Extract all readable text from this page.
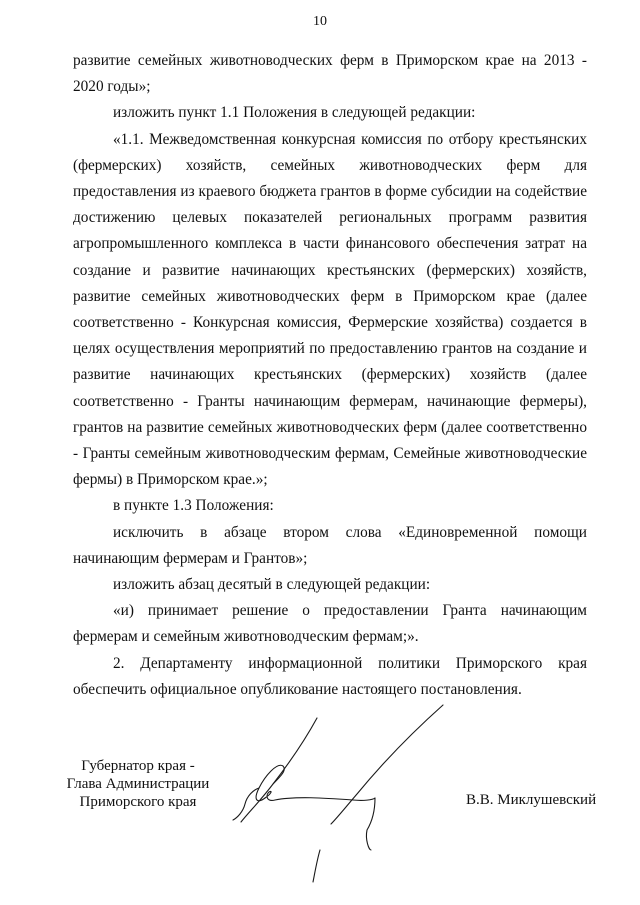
10

развитие семейных животноводческих ферм в Приморском крае на 2013 - 2020 годы»;

изложить пункт 1.1 Положения в следующей редакции:

«1.1. Межведомственная конкурсная комиссия по отбору крестьянских (фермерских) хозяйств, семейных животноводческих ферм для предоставления из краевого бюджета грантов в форме субсидии на содействие достижению целевых показателей региональных программ развития агропромышленного комплекса в части финансового обеспечения затрат на создание и развитие начинающих крестьянских (фермерских) хозяйств, развитие семейных животноводческих ферм в Приморском крае (далее соответственно - Конкурсная комиссия, Фермерские хозяйства) создается в целях осуществления мероприятий по предоставлению грантов на создание и развитие начинающих крестьянских (фермерских) хозяйств (далее соответственно - Гранты начинающим фермерам, начинающие фермеры), грантов на развитие семейных животноводческих ферм (далее соответственно - Гранты семейным животноводческим фермам, Семейные животноводческие фермы) в Приморском крае.»;

в пункте 1.3 Положения:

исключить в абзаце втором слова «Единовременной помощи начинающим фермерам и Грантов»;

изложить абзац десятый в следующей редакции:

«и) принимает решение о предоставлении Гранта начинающим фермерам и семейным животноводческим фермам;».

2. Департаменту информационной политики Приморского края обеспечить официальное опубликование настоящего постановления.

Губернатор края -
Глава Администрации
Приморского края	В.В. Миклушевский
